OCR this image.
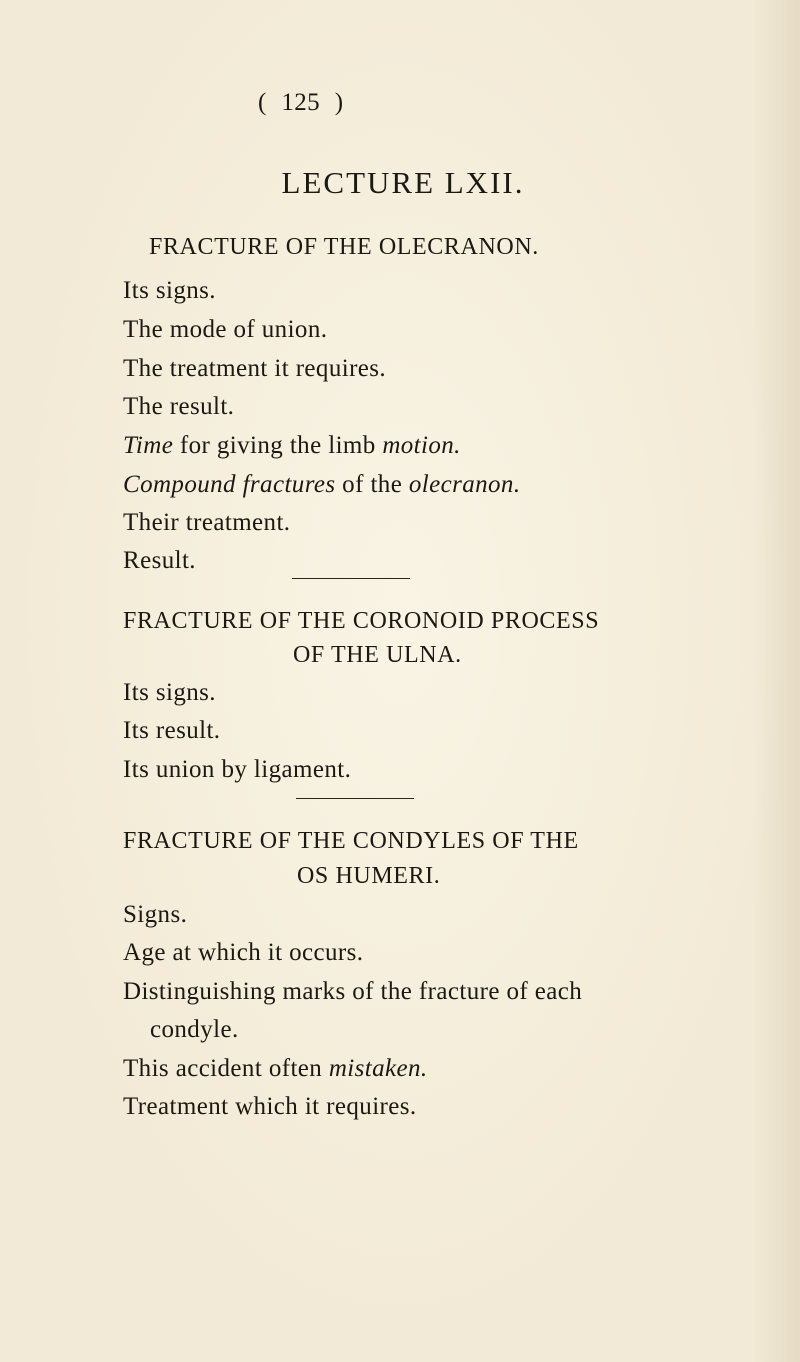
( 125 )
LECTURE LXII.
FRACTURE OF THE OLECRANON.
Its signs.
The mode of union.
The treatment it requires.
The result.
Time for giving the limb motion.
Compound fractures of the olecranon.
Their treatment.
Result.
FRACTURE OF THE CORONOID PROCESS
OF THE ULNA.
Its signs.
Its result.
Its union by ligament.
FRACTURE OF THE CONDYLES OF THE
OS HUMERI.
Signs.
Age at which it occurs.
Distinguishing marks of the fracture of each
condyle.
This accident often mistaken.
Treatment which it requires.
